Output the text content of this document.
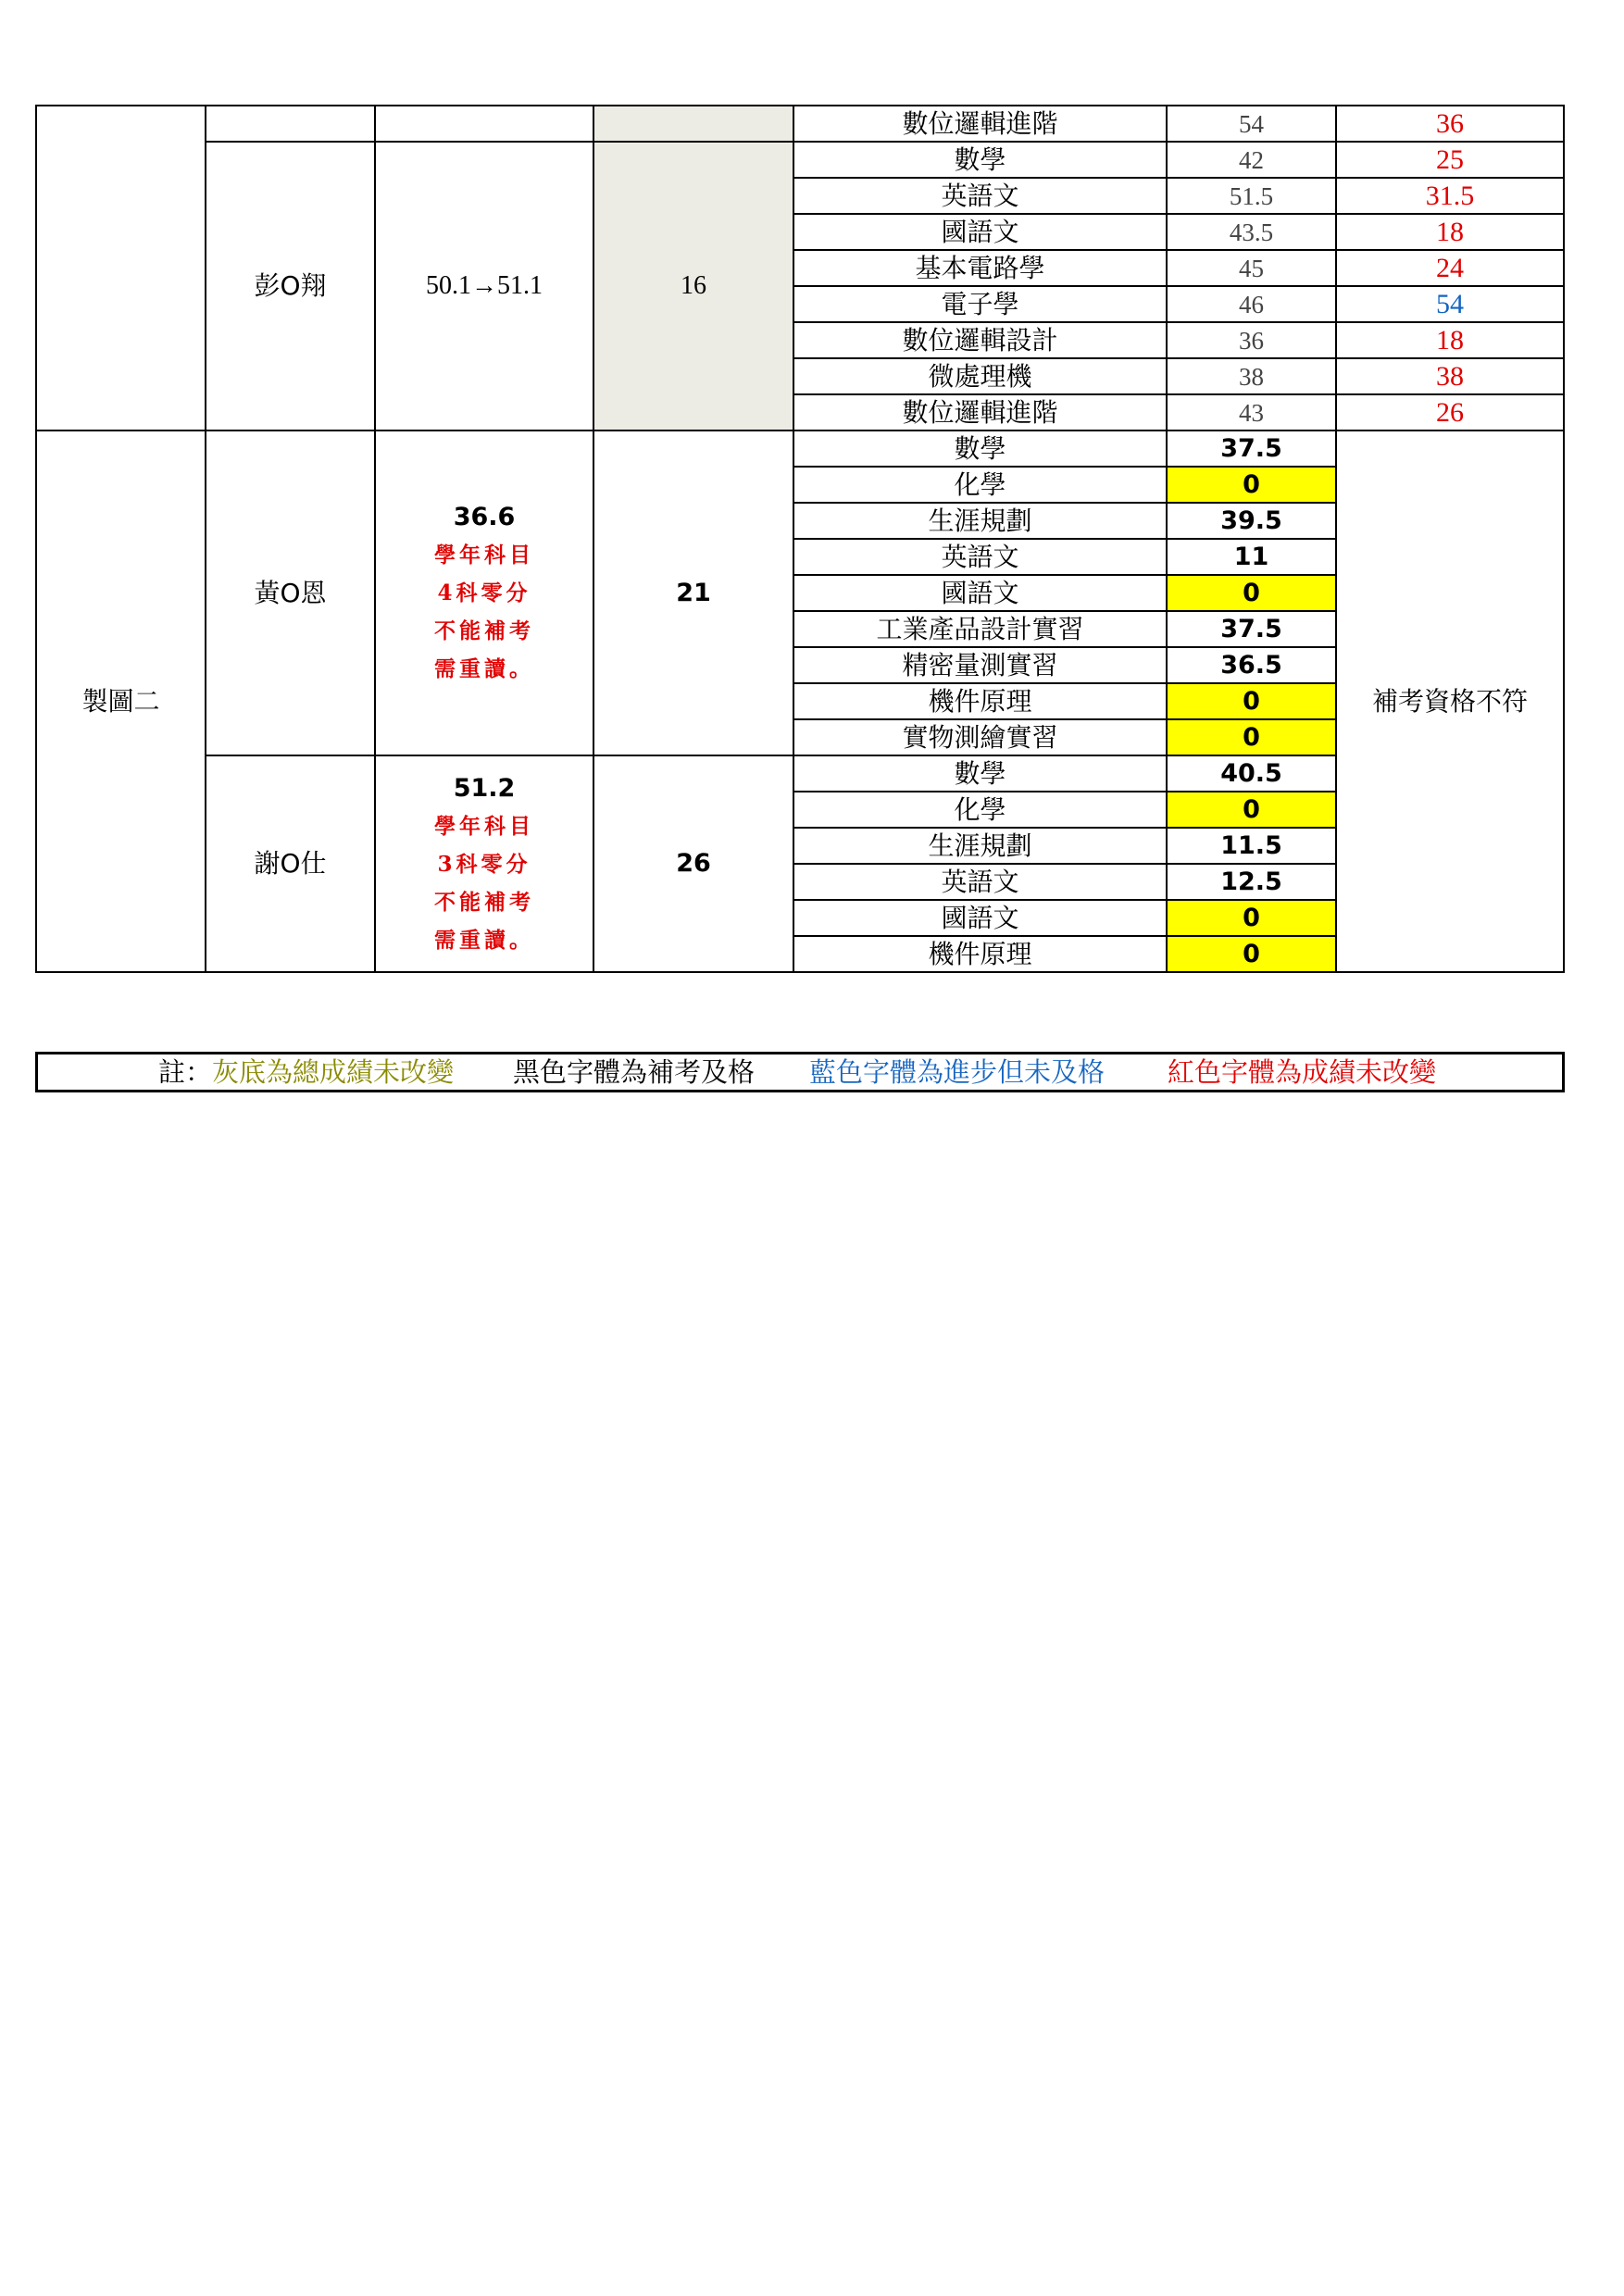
				數位邏輯進階	54	36
	彭O翔	50.1→51.1	16	數學	42	25
				英語文	51.5	31.5
				國語文	43.5	18
				基本電路學	45	24
				電子學	46	54
				數位邏輯設計	36	18
				微處理機	38	38
				數位邏輯進階	43	26
製圖二	黃O恩	36.6
學年科目
4科零分
不能補考
需重讀。	21	數學	37.5	補考資格不符
				化學	0	
				生涯規劃	39.5	
				英語文	11	
				國語文	0	
				工業產品設計實習	37.5	
				精密量測實習	36.5	
				機件原理	0	
				實物測繪實習	0	
	謝O仕	51.2
學年科目
3科零分
不能補考
需重讀。	26	數學	40.5	
				化學	0	
				生涯規劃	11.5	
				英語文	12.5	
				國語文	0	
				機件原理	0	
註： 灰底為總成績未改變 黑色字體為補考及格 藍色字體為進步但未及格 紅色字體為成績未改變
